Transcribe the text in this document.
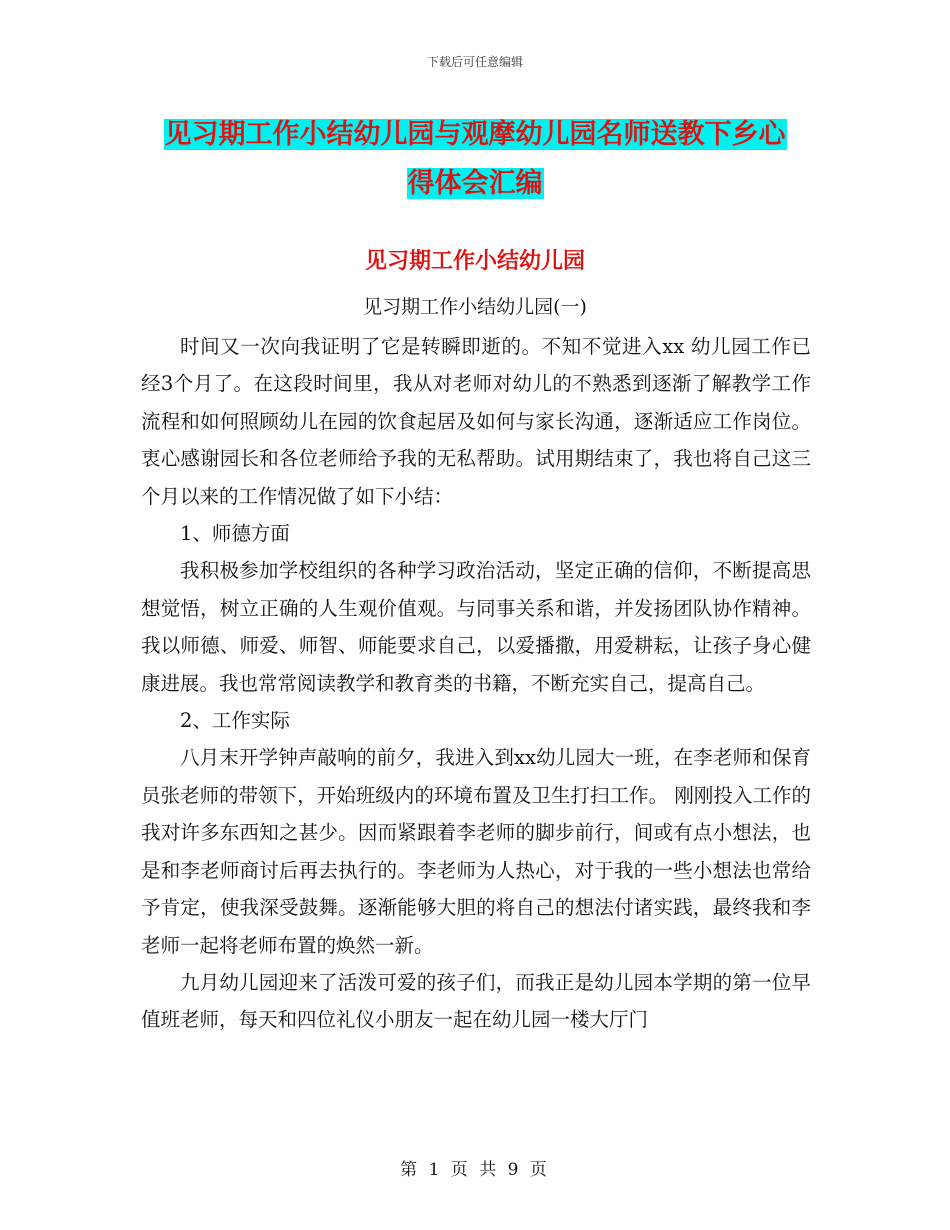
下载后可任意编辑
见习期工作小结幼儿园与观摩幼儿园名师送教下乡心
得体会汇编
见习期工作小结幼儿园
见习期工作小结幼儿园(一)

时间又一次向我证明了它是转瞬即逝的。不知不觉进入xx 幼儿园工作已经3个月了。在这段时间里，我从对老师对幼儿的不熟悉到逐渐了解教学工作流程和如何照顾幼儿在园的饮食起居及如何与家长沟通，逐渐适应工作岗位。衷心感谢园长和各位老师给予我的无私帮助。试用期结束了，我也将自己这三个月以来的工作情况做了如下小结：

1、师德方面

我积极参加学校组织的各种学习政治活动，坚定正确的信仰，不断提高思想觉悟，树立正确的人生观价值观。与同事关系和谐，并发扬团队协作精神。我以师德、师爱、师智、师能要求自己，以爱播撒，用爱耕耘，让孩子身心健康进展。我也常常阅读教学和教育类的书籍，不断充实自己，提高自己。

2、工作实际

八月末开学钟声敲响的前夕，我进入到xx幼儿园大一班，在李老师和保育员张老师的带领下，开始班级内的环境布置及卫生打扫工作。 刚刚投入工作的我对许多东西知之甚少。因而紧跟着李老师的脚步前行，间或有点小想法，也是和李老师商讨后再去执行的。李老师为人热心，对于我的一些小想法也常给予肯定，使我深受鼓舞。逐渐能够大胆的将自己的想法付诸实践，最终我和李老师一起将老师布置的焕然一新。

九月幼儿园迎来了活泼可爱的孩子们，而我正是幼儿园本学期的第一位早值班老师，每天和四位礼仪小朋友一起在幼儿园一楼大厅门

第 1 页 共 9 页
